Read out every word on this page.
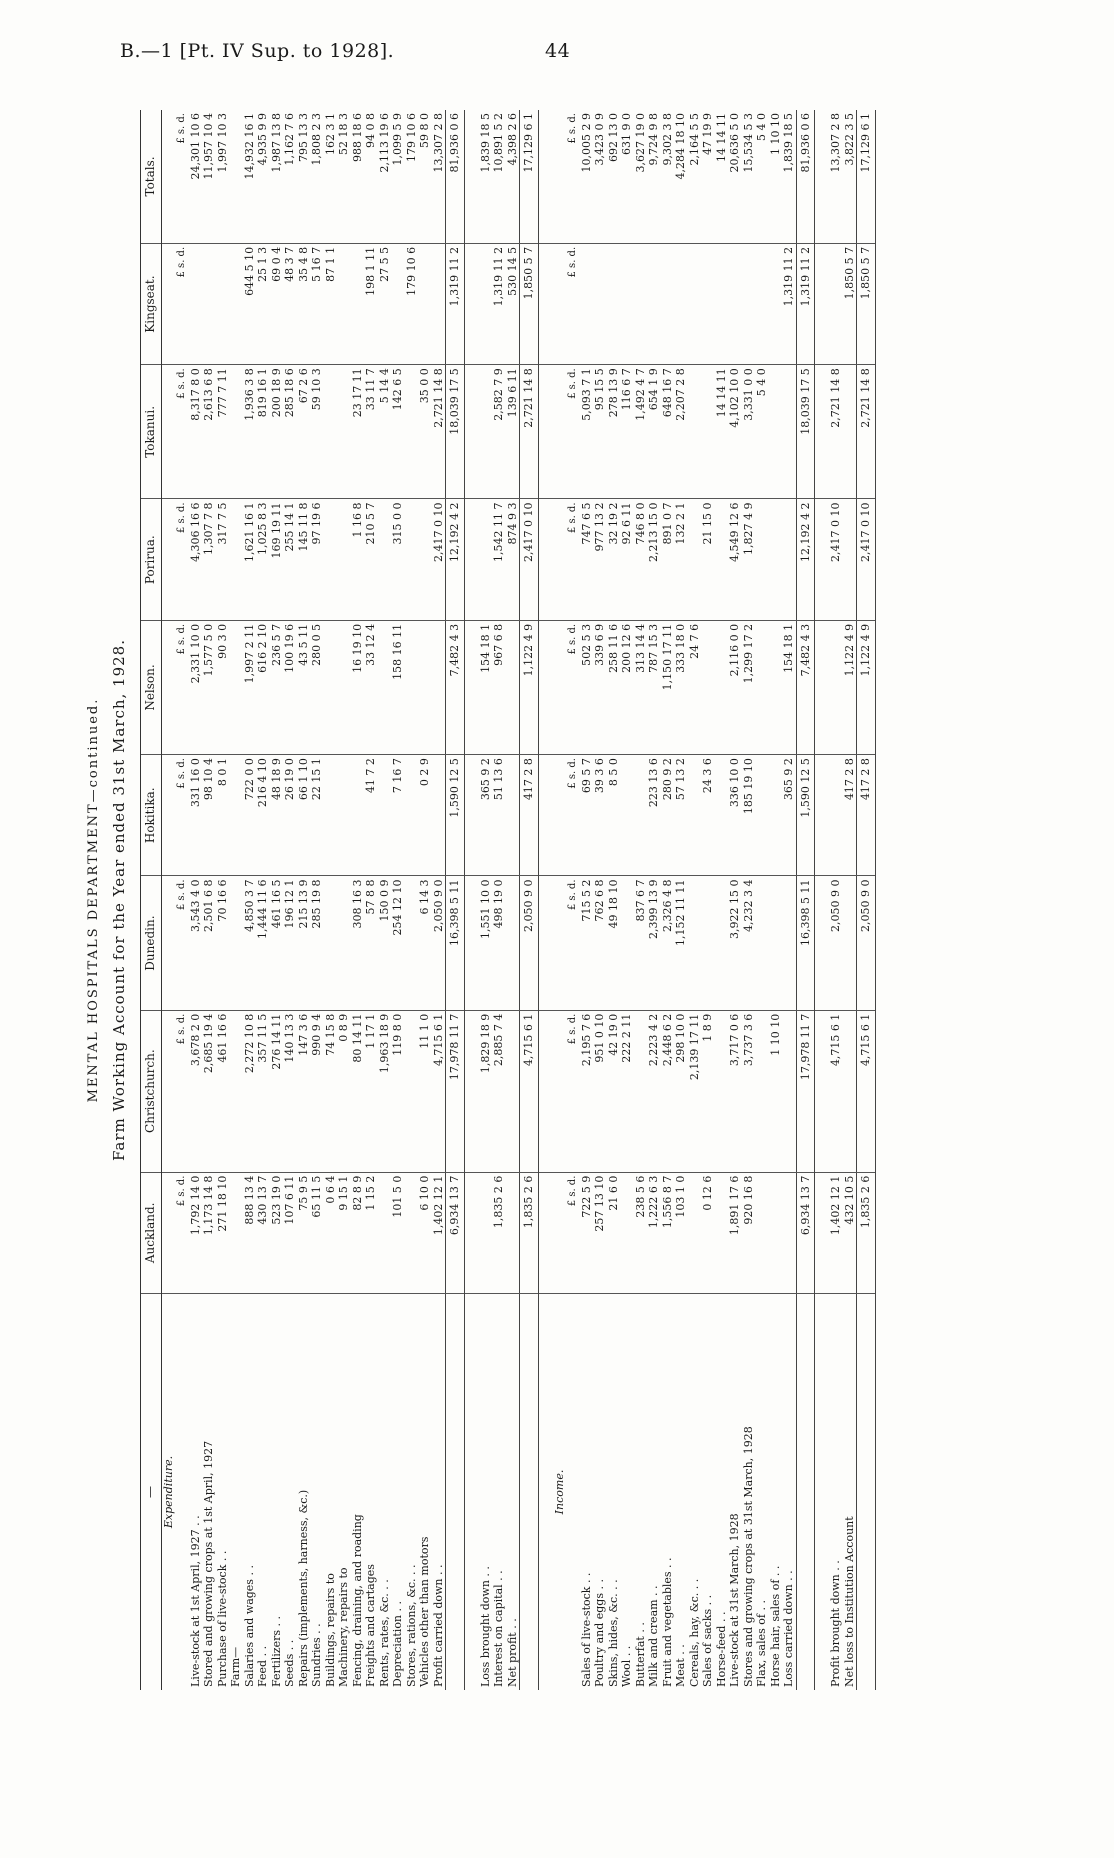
B.—1 [Pt. IV Sup. to 1928].	44
MENTAL HOSPITALS DEPARTMENT—continued. Farm Working Account for the Year ended 31st March, 1928.
—	Auckland.	Christchurch.	Dunedin.	Hokitika.	Nelson.	Porirua.	Tokanui.	Kingseat.	Totals.
Expenditure.									
	£ s. d.	£ s. d.	£ s. d.	£ s. d.	£ s. d.	£ s. d.	£ s. d.	£ s. d.	£ s. d.
Live-stock at 1st April, 1927 . .	1,792 14 0	3,678 2 0	3,543 4 0	331 16 0	2,331 10 0	4,306 16 6	8,317 8 0		24,301 10 6
Stored and growing crops at 1st April, 1927	1,173 14 8	2,685 19 4	2,501 6 8	98 10 4	1,577 5 0	1,307 7 8	2,613 6 8		11,957 10 4
Purchase of live-stock . .	271 18 10	461 16 6	70 16 6	8 0 1	90 3 0	317 7 5	777 7 11		1,997 10 3
Farm—									
Salaries and wages . .	888 13 4	2,272 10 8	4,850 3 7	722 0 0	1,997 2 11	1,621 16 1	1,936 3 8	644 5 10	14,932 16 1
Feed . .	430 13 7	357 11 5	1,444 11 6	216 4 10	616 2 10	1,025 8 3	819 16 1	25 1 3	4,935 9 9
Fertilizers . .	523 19 0	276 14 11	461 16 5	48 18 9	236 5 7	169 19 11	200 18 9	69 0 4	1,987 13 8
Seeds . .	107 6 11	140 13 3	196 12 1	26 19 0	100 19 6	255 14 1	285 18 6	48 3 7	1,162 7 6
Repairs (implements, harness, &c.)	75 9 5	147 3 6	215 13 9	66 1 10	43 5 11	145 11 8	67 2 6	35 4 8	795 13 3
Sundries . .	65 11 5	990 9 4	285 19 8	22 15 1	280 0 5	97 19 6	59 10 3	5 16 7	1,808 2 3
Buildings, repairs to	0 6 4	74 15 8						87 1 1	162 3 1
Machinery, repairs to	9 15 1	0 8 9							52 18 3
Fencing, draining, and roading	82 8 9	80 14 11	308 16 3		16 19 10	1 16 8	23 17 11		988 18 6
Freights and cartages	1 15 2	1 17 1	57 8 8	41 7 2	33 12 4	210 5 7	33 11 7	198 1 11	94 0 8
Rents, rates, &c. . .		1,963 18 9	150 0 9				5 14 4	27 5 5	2,113 19 6
Depreciation . .	101 5 0	119 8 0	254 12 10	7 16 7	158 16 11	315 0 0	142 6 5		1,099 5 9
Stores, rations, &c. . .								179 10 6	179 10 6
Vehicles other than motors	6 10 0	11 1 0	6 14 3	0 2 9			35 0 0		59 8 0
Profit carried down . .	1,402 12 1	4,715 6 1	2,050 9 0			2,417 0 10	2,721 14 8		13,307 2 8
	6,934 13 7	17,978 11 7	16,398 5 11	1,590 12 5	7,482 4 3	12,192 4 2	18,039 17 5	1,319 11 2	81,936 0 6

Loss brought down . .		1,829 18 9	1,551 10 0	365 9 2	154 18 1				1,839 18 5
Interest on capital . .	1,835 2 6	2,885 7 4	498 19 0	51 13 6	967 6 8	1,542 11 7	2,582 7 9	1,319 11 2	10,891 5 2
Net profit . .						874 9 3	139 6 11	530 14 5	4,398 2 6
	1,835 2 6	4,715 6 1	2,050 9 0	417 2 8	1,122 4 9	2,417 0 10	2,721 14 8	1,850 5 7	17,129 6 1

Income.									
	£ s. d.	£ s. d.	£ s. d.	£ s. d.	£ s. d.	£ s. d.	£ s. d.	£ s. d.	£ s. d.
Sales of live-stock . .	722 5 9	2,195 7 6	715 5 2	69 5 7	502 5 3	747 6 5	5,093 7 1		10,005 2 9
Poultry and eggs . .	257 13 10	951 0 10	762 6 8	39 3 6	339 6 9	977 13 2	95 15 5		3,423 0 9
Skins, hides, &c. . .	21 6 0	42 19 0	49 18 10	8 5 0	258 11 6	32 19 2	278 13 9		692 13 0
Wool . .		222 2 11			200 12 6	92 6 11	116 6 7		631 9 0
Butterfat . .	238 5 6		837 6 7		313 14 4	746 8 0	1,492 4 7		3,627 19 0
Milk and cream . .	1,222 6 3	2,223 4 2	2,399 13 9	223 13 6	787 15 3	2,213 15 0	654 1 9		9,724 9 8
Fruit and vegetables . .	1,556 8 7	2,448 6 2	2,326 4 8	280 9 2	1,150 17 11	891 0 7	648 16 7		9,302 3 8
Meat . .	103 1 0	298 10 0	1,152 11 11	57 13 2	333 18 0	132 2 1	2,207 2 8		4,284 18 10
Cereals, hay, &c. . .		2,139 17 11			24 7 6				2,164 5 5
Sales of sacks . .	0 12 6	1 8 9		24 3 6		21 15 0			47 19 9
Horse-feed . .							14 14 11		14 14 11
Live-stock at 31st March, 1928	1,891 17 6	3,717 0 6	3,922 15 0	336 10 0	2,116 0 0	4,549 12 6	4,102 10 0		20,636 5 0
Stores and growing crops at 31st March, 1928	920 16 8	3,737 3 6	4,232 3 4	185 19 10	1,299 17 2	1,827 4 9	3,331 0 0		15,534 5 3
Flax, sales of . .							5 4 0		5 4 0
Horse hair, sales of . .		1 10 10							1 10 10
Loss carried down . .				365 9 2	154 18 1			1,319 11 2	1,839 18 5
	6,934 13 7	17,978 11 7	16,398 5 11	1,590 12 5	7,482 4 3	12,192 4 2	18,039 17 5	1,319 11 2	81,936 0 6

Profit brought down . .	1,402 12 1	4,715 6 1	2,050 9 0			2,417 0 10	2,721 14 8		13,307 2 8
Net loss to Institution Account	432 10 5			417 2 8	1,122 4 9			1,850 5 7	3,822 3 5
	1,835 2 6	4,715 6 1	2,050 9 0	417 2 8	1,122 4 9	2,417 0 10	2,721 14 8	1,850 5 7	17,129 6 1
